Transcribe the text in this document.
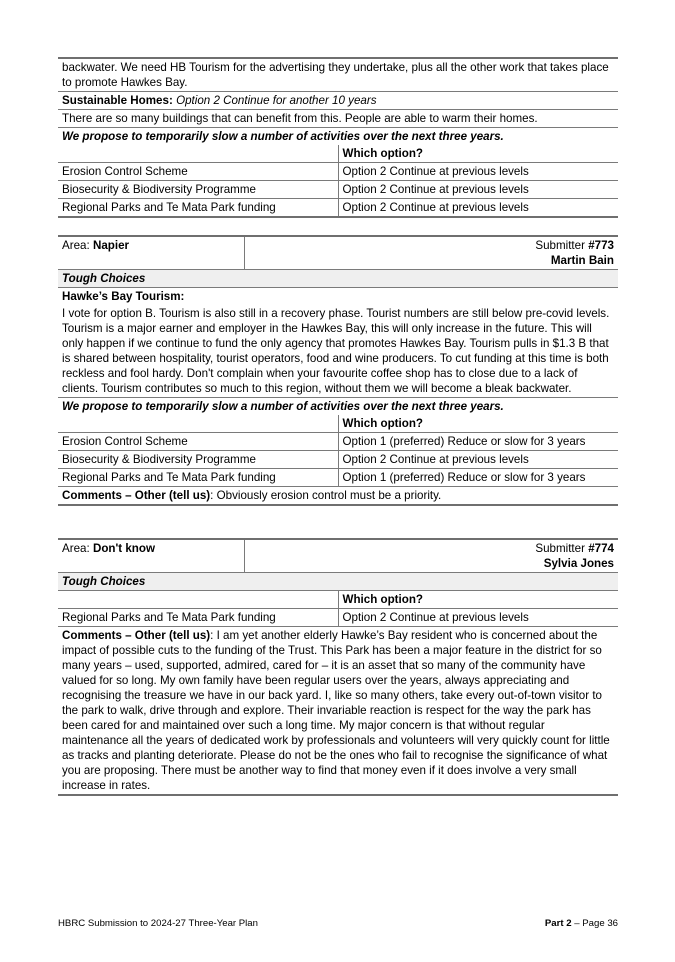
backwater. We need HB Tourism for the advertising they undertake, plus all the other work that takes place to promote Hawkes Bay.	
Sustainable Homes: Option 2 Continue for another 10 years	
There are so many buildings that can benefit from this. People are able to warm their homes.	
We propose to temporarily slow a number of activities over the next three years.	
	Which option?
Erosion Control Scheme	Option 2 Continue at previous levels
Biosecurity & Biodiversity Programme	Option 2 Continue at previous levels
Regional Parks and Te Mata Park funding	Option 2 Continue at previous levels
Area: Napier	Submitter #773
Martin Bain
Tough Choices	
Hawke’s Bay Tourism:	
I vote for option B. Tourism is also still in a recovery phase. Tourist numbers are still below pre-covid levels. Tourism is a major earner and employer in the Hawkes Bay, this will only increase in the future. This will only happen if we continue to fund the only agency that promotes Hawkes Bay. Tourism pulls in $1.3 B that is shared between hospitality, tourist operators, food and wine producers. To cut funding at this time is both reckless and fool hardy. Don't complain when your favourite coffee shop has to close due to a lack of clients. Tourism contributes so much to this region, without them we will become a bleak backwater.	
We propose to temporarily slow a number of activities over the next three years.	
	Which option?
Erosion Control Scheme	Option 1 (preferred) Reduce or slow for 3 years
Biosecurity & Biodiversity Programme	Option 2 Continue at previous levels
Regional Parks and Te Mata Park funding	Option 1 (preferred) Reduce or slow for 3 years
Comments – Other (tell us): Obviously erosion control must be a priority.	
Area: Don't know	Submitter #774
Sylvia Jones
Tough Choices	
	Which option?
Regional Parks and Te Mata Park funding	Option 2 Continue at previous levels
Comments – Other (tell us): I am yet another elderly Hawke’s Bay resident who is concerned about the impact of possible cuts to the funding of the Trust. This Park has been a major feature in the district for so many years – used, supported, admired, cared for – it is an asset that so many of the community have valued for so long. My own family have been regular users over the years, always appreciating and recognising the treasure we have in our back yard. I, like so many others, take every out-of-town visitor to the park to walk, drive through and explore. Their invariable reaction is respect for the way the park has been cared for and maintained over such a long time. My major concern is that without regular maintenance all the years of dedicated work by professionals and volunteers will very quickly count for little as tracks and planting deteriorate. Please do not be the ones who fail to recognise the significance of what you are proposing. There must be another way to find that money even if it does involve a very small increase in rates.	
HBRC Submission to 2024-27 Three-Year Plan	Part 2 – Page 36
